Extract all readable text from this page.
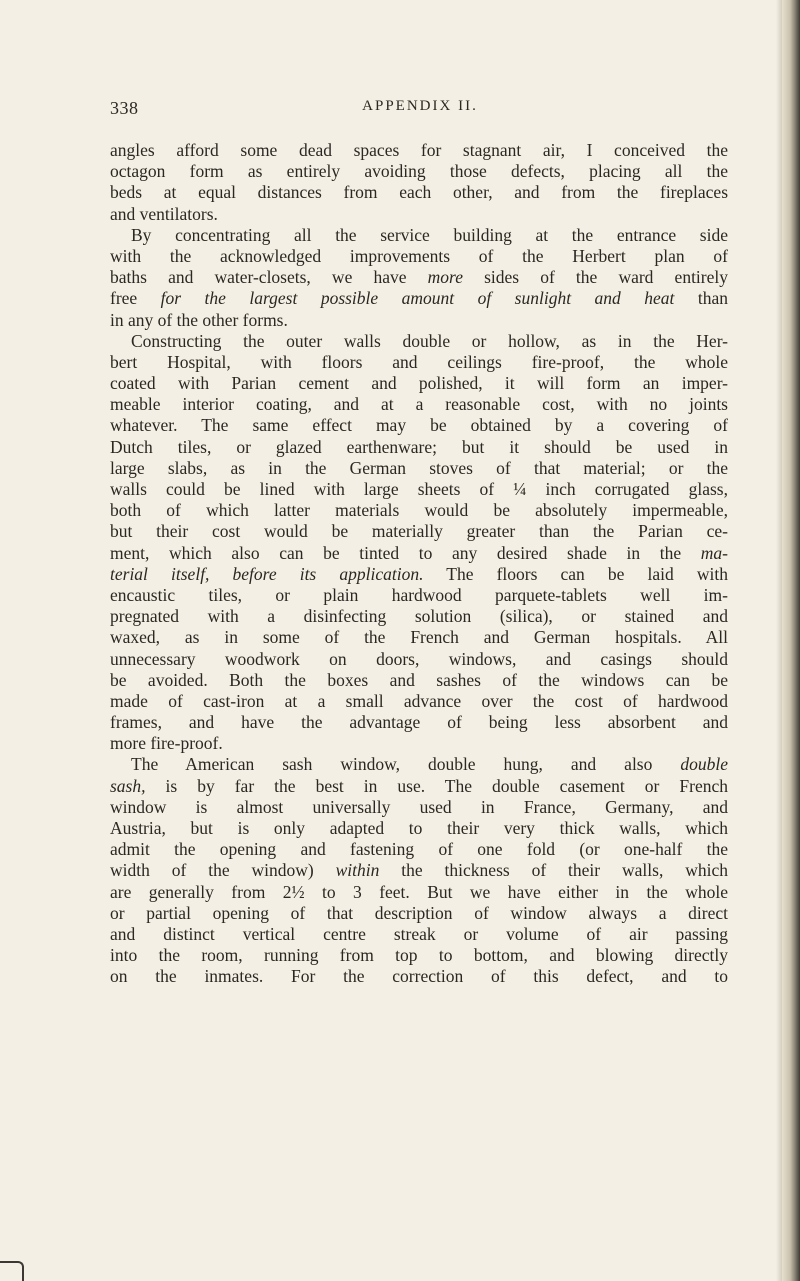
338	APPENDIX II.
angles afford some dead spaces for stagnant air, I conceived the
octagon form as entirely avoiding those defects, placing all the
beds at equal distances from each other, and from the fireplaces
and ventilators.
By concentrating all the service building at the entrance side
with the acknowledged improvements of the Herbert plan of
baths and water-closets, we have more sides of the ward entirely
free for the largest possible amount of sunlight and heat than
in any of the other forms.
Constructing the outer walls double or hollow, as in the Her-
bert Hospital, with floors and ceilings fire-proof, the whole
coated with Parian cement and polished, it will form an imper-
meable interior coating, and at a reasonable cost, with no joints
whatever. The same effect may be obtained by a covering of
Dutch tiles, or glazed earthenware; but it should be used in
large slabs, as in the German stoves of that material; or the
walls could be lined with large sheets of ¼ inch corrugated glass,
both of which latter materials would be absolutely impermeable,
but their cost would be materially greater than the Parian ce-
ment, which also can be tinted to any desired shade in the ma-
terial itself, before its application. The floors can be laid with
encaustic tiles, or plain hardwood parquete-tablets well im-
pregnated with a disinfecting solution (silica), or stained and
waxed, as in some of the French and German hospitals. All
unnecessary woodwork on doors, windows, and casings should
be avoided. Both the boxes and sashes of the windows can be
made of cast-iron at a small advance over the cost of hardwood
frames, and have the advantage of being less absorbent and
more fire-proof.
The American sash window, double hung, and also double
sash, is by far the best in use. The double casement or French
window is almost universally used in France, Germany, and
Austria, but is only adapted to their very thick walls, which
admit the opening and fastening of one fold (or one-half the
width of the window) within the thickness of their walls, which
are generally from 2½ to 3 feet. But we have either in the whole
or partial opening of that description of window always a direct
and distinct vertical centre streak or volume of air passing
into the room, running from top to bottom, and blowing directly
on the inmates. For the correction of this defect, and to
